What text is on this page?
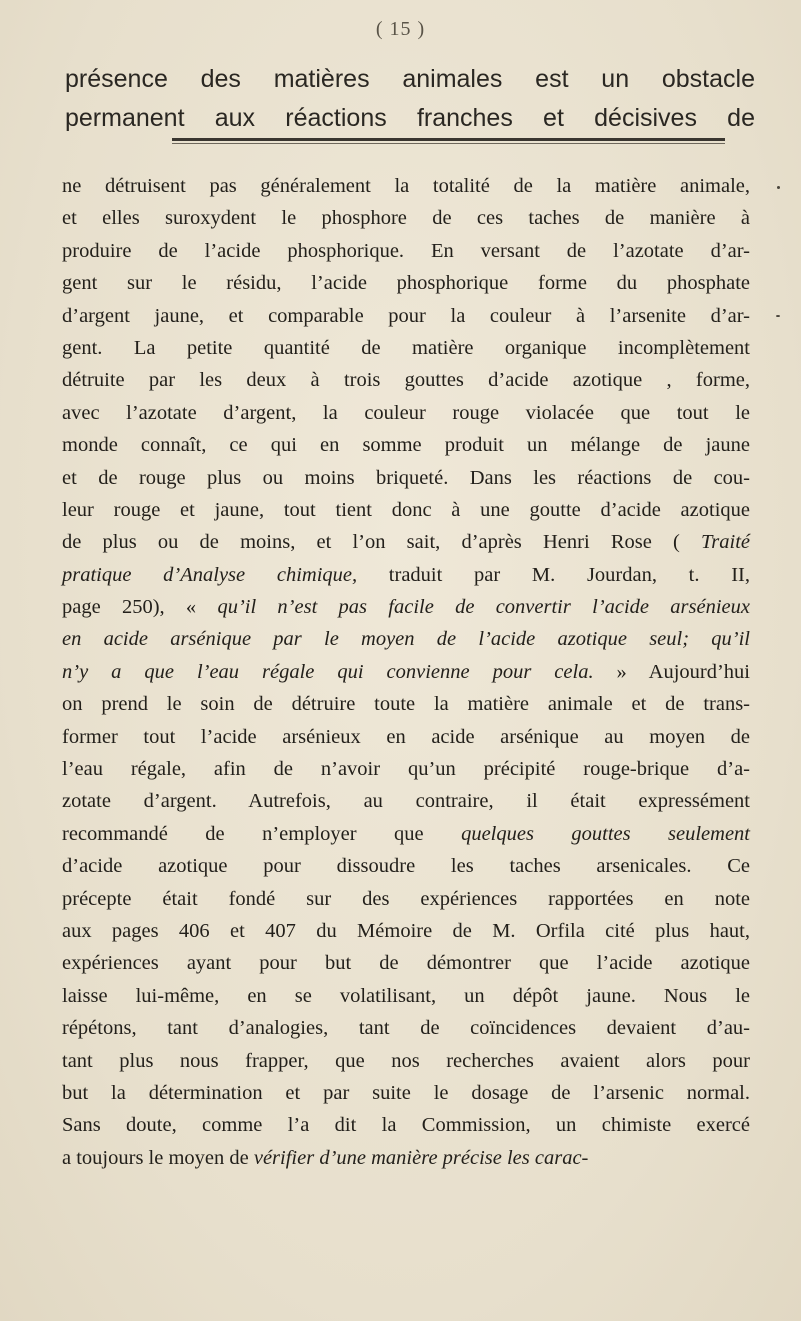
( 15 )
présence des matières animales est un obstacle
permanent aux réactions franches et décisives de
ne détruisent pas généralement la totalité de la matière animale,
et elles suroxydent le phosphore de ces taches de manière à
produire de l’acide phosphorique. En versant de l’azotate d’ar-
gent sur le résidu, l’acide phosphorique forme du phosphate
d’argent jaune, et comparable pour la couleur à l’arsenite d’ar-
gent. La petite quantité de matière organique incomplètement
détruite par les deux à trois gouttes d’acide azotique , forme,
avec l’azotate d’argent, la couleur rouge violacée que tout le
monde connaît, ce qui en somme produit un mélange de jaune
et de rouge plus ou moins briqueté. Dans les réactions de cou-
leur rouge et jaune, tout tient donc à une goutte d’acide azotique
de plus ou de moins, et l’on sait, d’après Henri Rose ( Traité
pratique d’Analyse chimique, traduit par M. Jourdan, t. II,
page 250), « qu’il n’est pas facile de convertir l’acide arsénieux
en acide arsénique par le moyen de l’acide azotique seul; qu’il
n’y a que l’eau régale qui convienne pour cela. » Aujourd’hui
on prend le soin de détruire toute la matière animale et de trans-
former tout l’acide arsénieux en acide arsénique au moyen de
l’eau régale, afin de n’avoir qu’un précipité rouge-brique d’a-
zotate d’argent. Autrefois, au contraire, il était expressément
recommandé de n’employer que quelques gouttes seulement
d’acide azotique pour dissoudre les taches arsenicales. Ce
précepte était fondé sur des expériences rapportées en note
aux pages 406 et 407 du Mémoire de M. Orfila cité plus haut,
expériences ayant pour but de démontrer que l’acide azotique
laisse lui-même, en se volatilisant, un dépôt jaune. Nous le
répétons, tant d’analogies, tant de coïncidences devaient d’au-
tant plus nous frapper, que nos recherches avaient alors pour
but la détermination et par suite le dosage de l’arsenic normal.
Sans doute, comme l’a dit la Commission, un chimiste exercé
a toujours le moyen de vérifier d’une manière précise les carac-
